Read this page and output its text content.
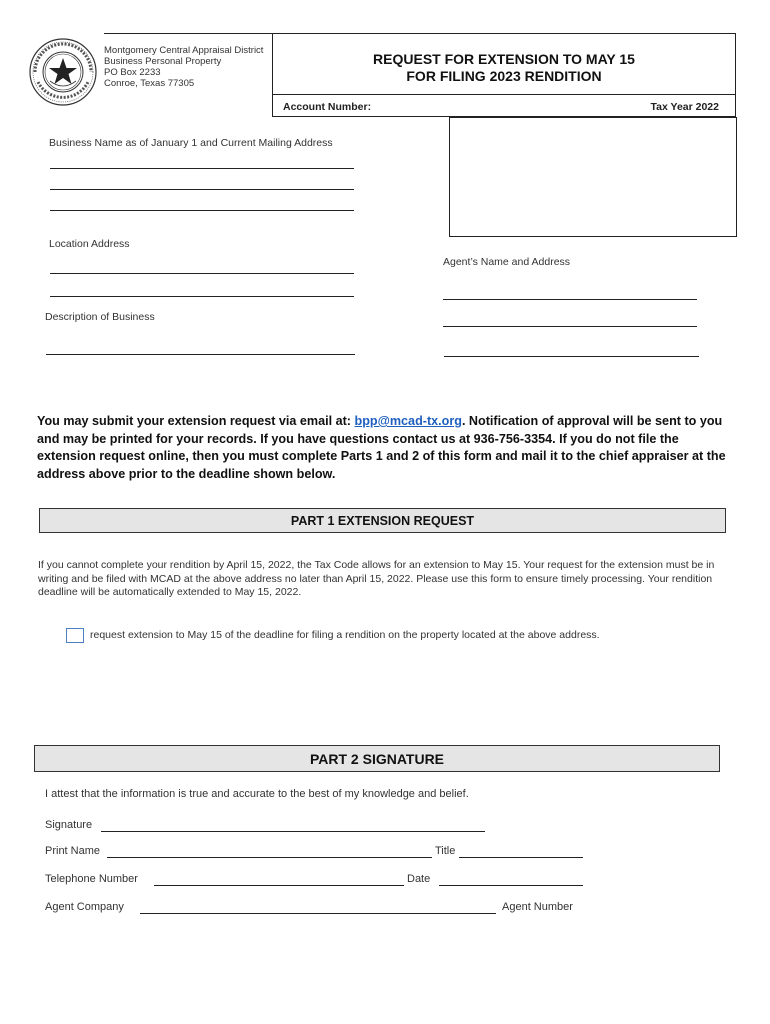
Montgomery Central Appraisal District
Business Personal Property
PO Box 2233
Conroe, Texas 77305
REQUEST FOR EXTENSION TO MAY 15
FOR FILING 2023 RENDITION
Account Number:	Tax Year 2022
Business Name as of January 1 and Current Mailing Address
Location Address
Description of Business
Agent’s Name and Address
You may submit your extension request via email at: bpp@mcad-tx.org. Notification of approval will be sent to you and may be printed for your records. If you have questions contact us at 936-756-3354. If you do not file the extension request online, then you must complete Parts 1 and 2 of this form and mail it to the chief appraiser at the address above prior to the deadline shown below.
PART 1 EXTENSION REQUEST
If you cannot complete your rendition by April 15, 2022, the Tax Code allows for an extension to May 15. Your request for the extension must be in writing and be filed with MCAD at the above address no later than April 15, 2022. Please use this form to ensure timely processing. Your rendition deadline will be automatically extended to May 15, 2022.
request extension to May 15 of the deadline for filing a rendition on the property located at the above address.
PART 2 SIGNATURE
I attest that the information is true and accurate to the best of my knowledge and belief.
Signature
Print Name	Title
Telephone Number	Date
Agent Company	Agent Number
